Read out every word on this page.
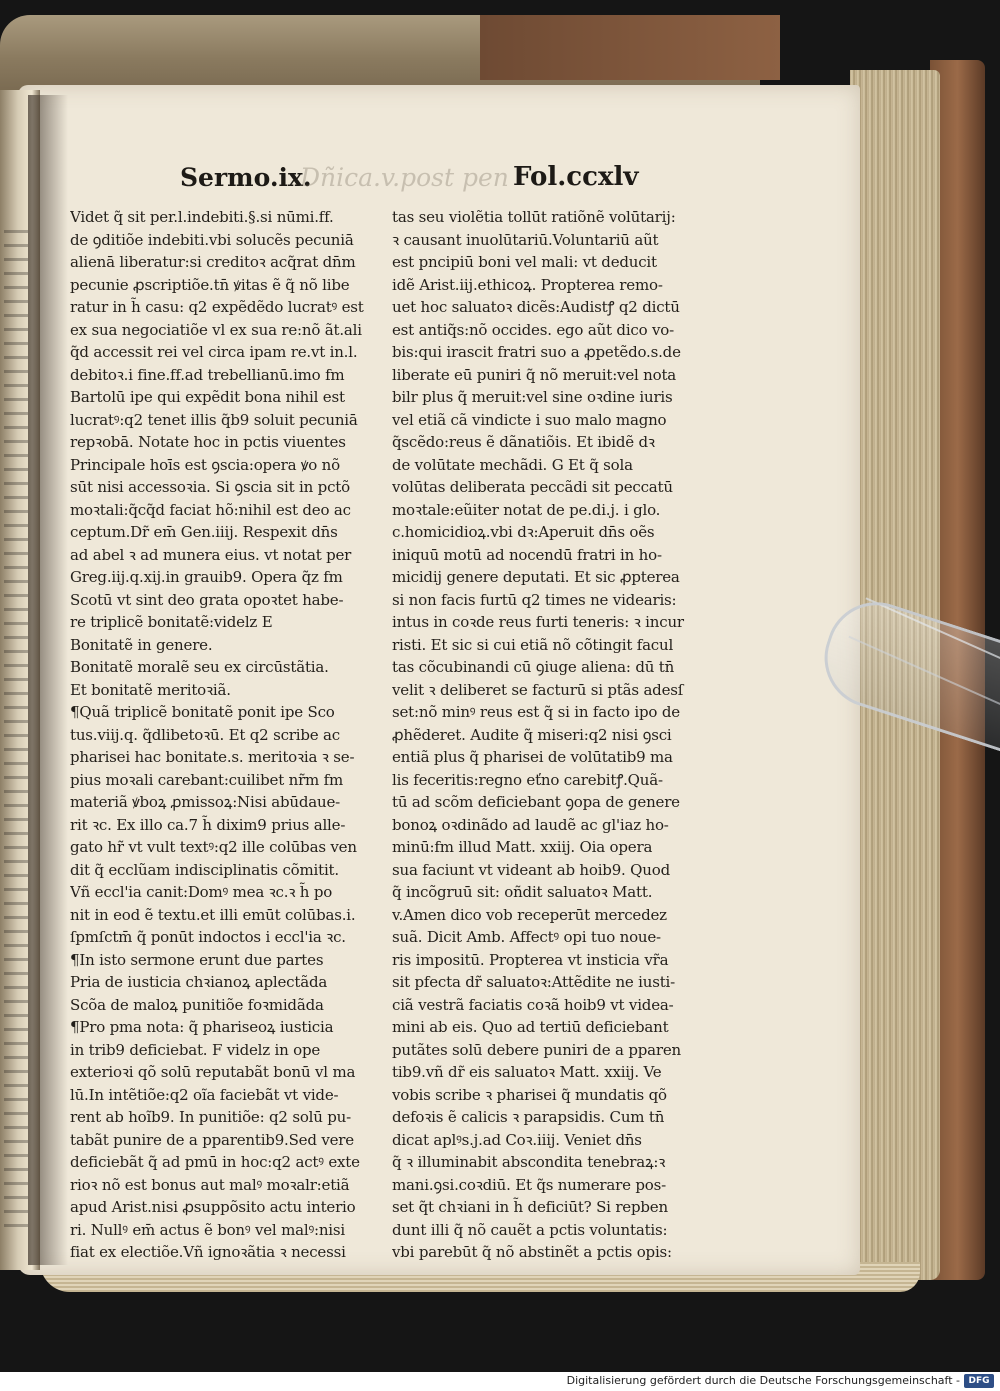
Sermo.ix.
Dñica.v.post pen Fol.ccxlv
Videt q̃ sit per.l.indebiti.§.si nūmi.ff.
de ꝯditiõe indebiti.vbi solucẽs pecuniā
alienā liberatur:si creditoꝛ acq̃rat dn̄m
pecunie ꝓscriptiõe.tn̄ ꝟitas ẽ q̃ nõ libe
ratur in h̃ casu: q2 expẽdẽdo lucratꝰ est
ex sua negociatiõe vl ex sua re:nõ ãt.ali
q̃d accessit rei vel circa ipam re.vt in.l.
debitoꝛ.i fine.ff.ad trebellianū.imo fm
Bartolū ipe qui expẽdit bona nihil est
lucratꝰ:q2 tenet illis q̃b9 soluit pecuniā
repꝛobā. Notate hoc in pctis viuentes
Principale hoīs est ꝯscia:opera ꝟo nõ
sūt nisi accessoꝛia. Si ꝯscia sit in pctõ
moꝛtali:q̃cq̃d faciat hõ:nihil est deo ac
ceptum.Dr̃ em̄ Gen.iiij. Respexit dn̄s
ad abel ꝛ ad munera eius. vt notat per
Greg.iij.q.xij.in grauib9. Opera q̃z fm
Scotū vt sint deo grata opoꝛtet habe-
re triplicẽ bonitatẽ:videlz E
Bonitatẽ in genere.
Bonitatẽ moralẽ seu ex circūstãtia.
Et bonitatẽ meritoꝛiã.
¶Quã triplicẽ bonitatẽ ponit ipe Sco
tus.viij.q. q̃dlibetoꝛū. Et q2 scribe ac
pharisei hac bonitate.s. meritoꝛia ꝛ se-
pius moꝛali carebant:cuilibet nr̃m fm
materiã ꝟboꝝ ꝓmissoꝝ:Nisi abūdaue-
rit ꝛc. Ex illo ca.7 h̃ dixim9 prius alle-
gato hr̃ vt vult textꝰ:q2 ille colūbas ven
dit q̃ ecclũam indisciplinatis cõmitit.
Vñ eccl'ia canit:Domꝰ mea ꝛc.ꝛ h̃ po
nit in eod ẽ textu.et illi emūt colūbas.i.
ſpmſctm̄ q̃ ponūt indoctos i eccl'ia ꝛc.
¶In isto sermone erunt due partes
Pria de iusticia chꝛianoꝝ aplectãda
Scõa de maloꝝ punitiõe foꝛmidãda
¶Pro pma nota: q̃ phariseoꝝ iusticia
in trib9 deficiebat. F videlz in ope
exterioꝛi qõ solū reputabãt bonū vl ma
lū.In intẽtiõe:q2 oĩa faciebãt vt vide-
rent ab hoĩb9. In punitiõe: q2 solū pu-
tabãt punire de a pparentib9.Sed vere
deficiebãt q̃ ad pmū in hoc:q2 actꝰ exte
rioꝛ nõ est bonus aut malꝰ moꝛalr:etiã
apud Arist.nisi ꝓsuppõsito actu interio
ri. Nullꝰ em̄ actus ẽ bonꝰ vel malꝰ:nisi
fiat ex electiõe.Vñ ignoꝛãtia ꝛ necessi
tas seu violẽtia tollūt ratiõnẽ volūtarij:
ꝛ causant inuolūtariū.Voluntariū aũt
est pncipiū boni vel mali: vt deducit
idẽ Arist.iij.ethicoꝝ. Propterea remo-
uet hoc saluatoꝛ dicẽs:Audistꝭ q2 dictū
est antiq̃s:nõ occides. ego aũt dico vo-
bis:qui irascit fratri suo a ꝓpetẽdo.s.de
liberate eū puniri q̃ nõ meruit:vel nota
bilr plus q̃ meruit:vel sine oꝛdine iuris
vel etiã cã vindicte i suo malo magno
q̃scẽdo:reus ẽ dãnatiõis. Et ibidẽ dꝛ
de volūtate mechãdi. G Et q̃ sola
volūtas deliberata peccãdi sit peccatū
moꝛtale:eũiter notat de pe.di.j. i glo.
c.homicidioꝝ.vbi dꝛ:Aperuit dn̄s oẽs
iniquū motū ad nocendū fratri in ho-
micidij genere deputati. Et sic ꝓpterea
si non facis furtū q2 times ne videaris:
intus in coꝛde reus furti teneris: ꝛ incur
risti. Et sic si cui etiã nõ cõtingit facul
tas cõcubinandi cū ꝯiuge aliena: dū tn̄
velit ꝛ deliberet se facturū si ptãs adesſ
set:nõ minꝰ reus est q̃ si in facto ipo de
ꝓhẽderet. Audite q̃ miseri:q2 nisi ꝯsci
entiã plus q̃ pharisei de volūtatib9 ma
lis feceritis:regno eťno carebitꝭ.Quã-
tū ad scõm deficiebant ꝯopa de genere
bonoꝝ oꝛdinãdo ad laudẽ ac gl'iaz ho-
minū:fm illud Matt. xxiij. Oia opera
sua faciunt vt videant ab hoib9. Quod
q̃ incõgruū sit: oñdit saluatoꝛ Matt.
v.Amen dico vob receperūt mercedez
suã. Dicit Amb. Affectꝰ opi tuo noue-
ris impositū. Propterea vt insticia vr̃a
sit pfecta dr̃ saluatoꝛ:Attẽdite ne iusti-
ciã vestrã faciatis coꝛã hoib9 vt videa-
mini ab eis. Quo ad tertiū deficiebant
putãtes solū debere puniri de a pparen
tib9.vñ dr̃ eis saluatoꝛ Matt. xxiij. Ve
vobis scribe ꝛ pharisei q̃ mundatis qõ
defoꝛis ẽ calicis ꝛ parapsidis. Cum tn̄
dicat aplꝰs.j.ad Coꝛ.iiij. Veniet dn̄s
q̃ ꝛ illuminabit abscondita tenebraꝝ:ꝛ
mani.ꝯsi.coꝛdiū. Et q̃s numerare pos-
set q̃t chꝛiani in h̃ deficiūt? Si repben
dunt illi q̃ nõ cauẽt a pctis voluntatis:
vbi parebūt q̃ nõ abstinẽt a pctis opis:
Digitalisierung gefördert durch die Deutsche Forschungsgemeinschaft - DFG
